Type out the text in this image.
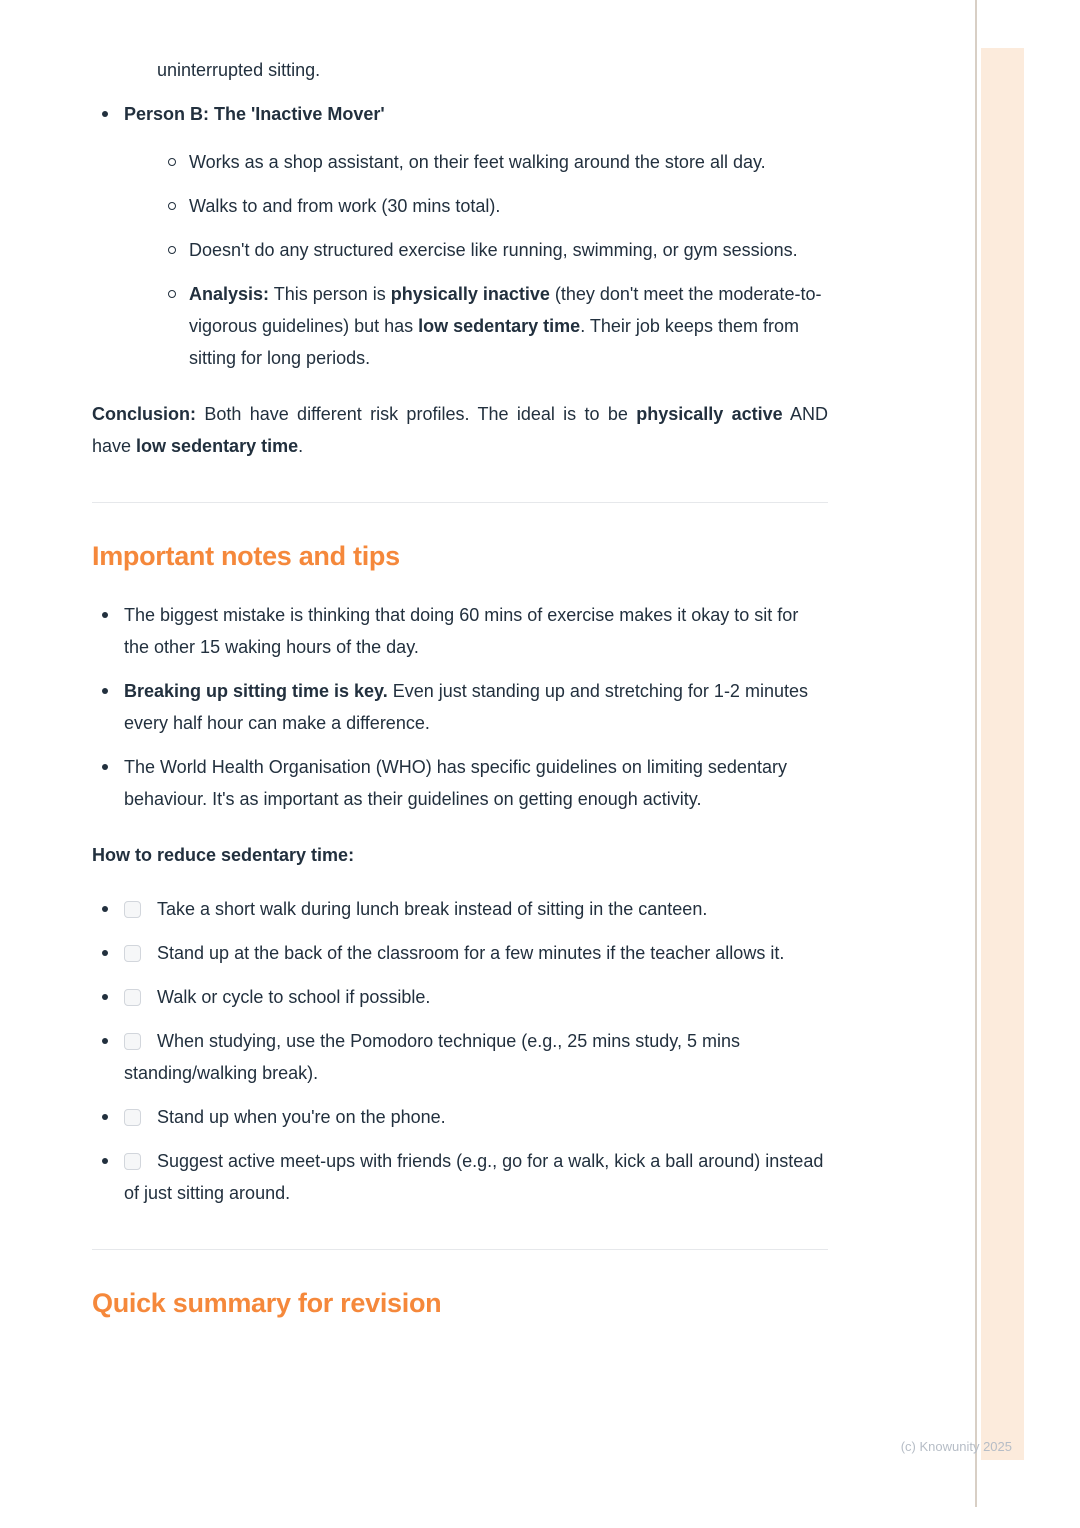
(c) Knowunity 2025

uninterrupted sitting.

Person B: The 'Inactive Mover'

Works as a shop assistant, on their feet walking around the store all day.

Walks to and from work (30 mins total).

Doesn't do any structured exercise like running, swimming, or gym sessions.

Analysis: This person is physically inactive (they don't meet the moderate-to-vigorous guidelines) but has low sedentary time. Their job keeps them from sitting for long periods.

Conclusion: Both have different risk profiles. The ideal is to be physically active AND have low sedentary time.

Important notes and tips

The biggest mistake is thinking that doing 60 mins of exercise makes it okay to sit for the other 15 waking hours of the day.

Breaking up sitting time is key. Even just standing up and stretching for 1-2 minutes every half hour can make a difference.

The World Health Organisation (WHO) has specific guidelines on limiting sedentary behaviour. It's as important as their guidelines on getting enough activity.

How to reduce sedentary time:

Take a short walk during lunch break instead of sitting in the canteen.

Stand up at the back of the classroom for a few minutes if the teacher allows it.

Walk or cycle to school if possible.

When studying, use the Pomodoro technique (e.g., 25 mins study, 5 mins standing/walking break).

Stand up when you're on the phone.

Suggest active meet-ups with friends (e.g., go for a walk, kick a ball around) instead of just sitting around.

Quick summary for revision
